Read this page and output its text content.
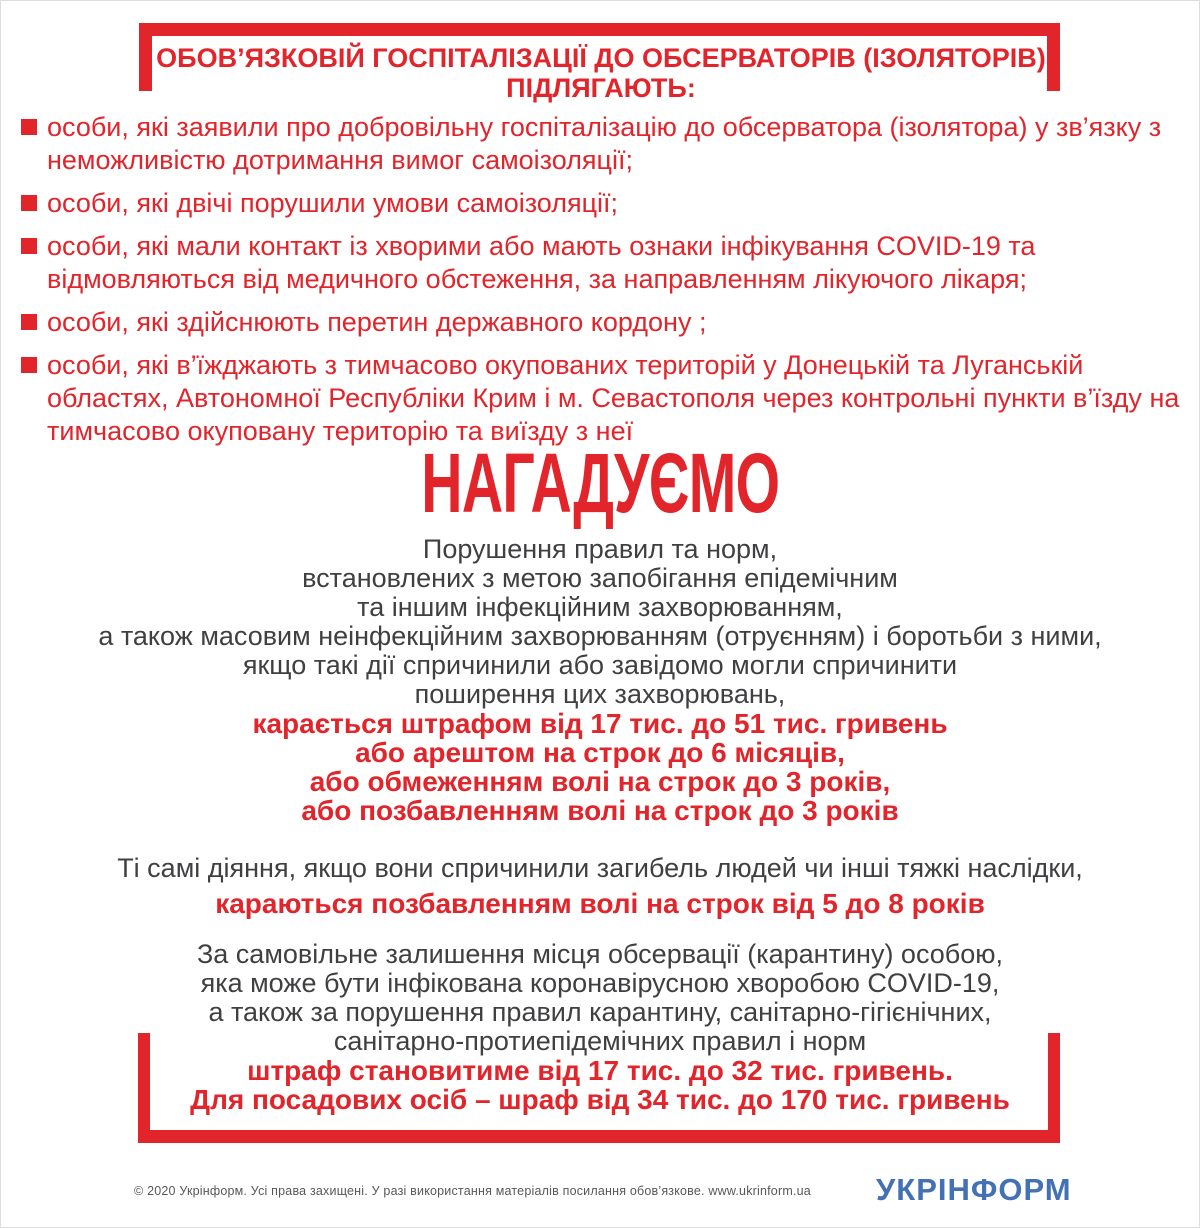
ОБОВ’ЯЗКОВІЙ ГОСПІТАЛІЗАЦІЇ ДО ОБСЕРВАТОРІВ (ІЗОЛЯТОРІВ)
ПІДЛЯГАЮТЬ:
особи, які заявили про добровільну госпіталізацію до обсерватора (ізолятора) у зв’язку з неможливістю дотримання вимог самоізоляції;
особи, які двічі порушили умови самоізоляції;
особи, які мали контакт із хворими або мають ознаки інфікування COVID-19 та відмовляються від медичного обстеження, за направленням лікуючого лікаря;
особи, які здійснюють перетин державного кордону ;
особи, які в’їжджають з тимчасово окупованих територій у Донецькій та Луганській областях, Автономної Республіки Крим і м. Севастополя через контрольні пункти в’їзду на тимчасово окуповану територію та виїзду з неї
НАГАДУЄМО
Порушення правил та норм,
встановлених з метою запобігання епідемічним
та іншим інфекційним захворюванням,
а також масовим неінфекційним захворюванням (отруєнням) і боротьби з ними,
якщо такі дії спричинили або завідомо могли спричинити
поширення цих захворювань,
карається штрафом від 17 тис. до 51 тис. гривень
або арештом на строк до 6 місяців,
або обмеженням волі на строк до 3 років,
або позбавленням волі на строк до 3 років
Ті самі діяння, якщо вони спричинили загибель людей чи інші тяжкі наслідки,
караються позбавленням волі на строк від 5 до 8 років
За самовільне залишення місця обсервації (карантину) особою,
яка може бути інфікована коронавірусною хворобою COVID-19,
а також за порушення правил карантину, санітарно-гігієнічних,
санітарно-протиепідемічних правил і норм
штраф становитиме від 17 тис. до 32 тис. гривень.
Для посадових осіб – шраф від 34 тис. до 170 тис. гривень
© 2020 Укрінформ. Усі права захищені. У разі використання матеріалів посилання обов’язкове. www.ukrinform.ua УКРІНФОРМ
